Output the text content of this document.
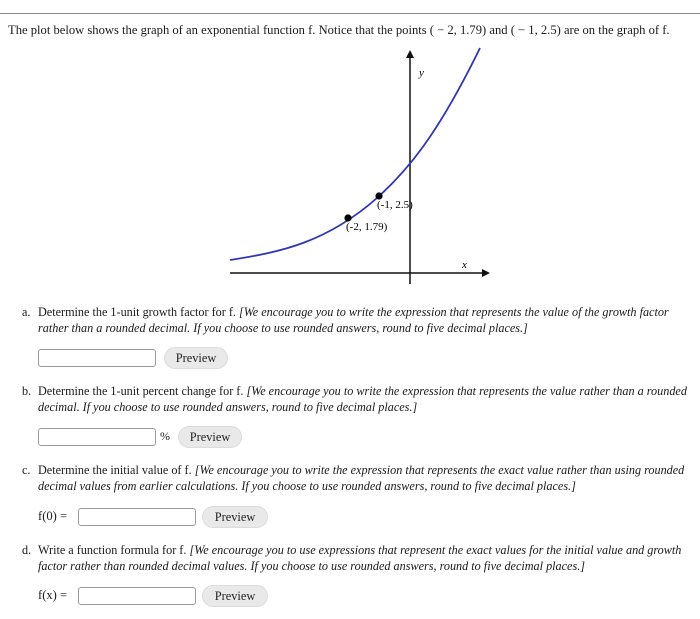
The plot below shows the graph of an exponential function f. Notice that the points ( − 2, 1.79) and ( − 1, 2.5) are on the graph of f.
x
y
(-2, 1.79)
(-1, 2.5)
a. Determine the 1-unit growth factor for f. [We encourage you to write the expression that represents the value of the growth factor rather than a rounded decimal. If you choose to use rounded answers, round to five decimal places.]
Preview
b. Determine the 1-unit percent change for f. [We encourage you to write the expression that represents the value rather than a rounded decimal. If you choose to use rounded answers, round to five decimal places.]
%	Preview
c. Determine the initial value of f. [We encourage you to write the expression that represents the exact value rather than using rounded decimal values from earlier calculations. If you choose to use rounded answers, round to five decimal places.]
f(0) =	Preview
d. Write a function formula for f. [We encourage you to use expressions that represent the exact values for the initial value and growth factor rather than rounded decimal values. If you choose to use rounded answers, round to five decimal places.]
f(x) =	Preview
